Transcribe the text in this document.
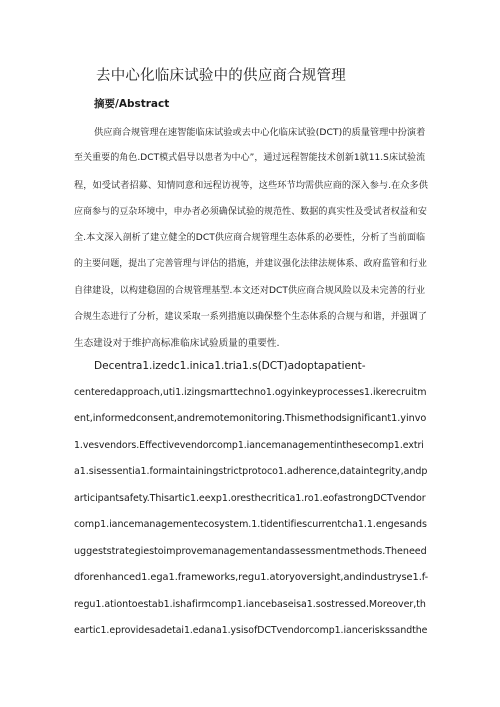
去中心化临床试验中的供应商合规管理
摘要/Abstract
供应商合规管理在速智能临床试验或去中心化临床试验(DCT)的质量管理中扮演着
至关重要的角色.DCT模式倡导以患者为中心”，通过远程智能技术创新1就11.S床试验流
程，如受试者招募、知情同意和远程访视等，这些环节均需供应商的深入参与.在众多供
应商参与的豆杂环境中，申办者必须确保试验的规范性、数据的真实性及受试者权益和安
全.本文深入剖析了建立健全的DCT供应商合规管理生态体系的必要性，分析了当前面临
的主要问题，提出了完善管理与评估的措施，并建议强化法律法规体系、政府监管和行业
自律建设，以构建稳固的合规管理基型.本文还对DCT供应商合规风险以及未完善的行业
合规生态进行了分析，建议采取一系列措施以确保整个生态体系的合规与和谐，并强调了
生态建设对于维护高标准临床试验质量的重要性.
Decentra1.izedc1.inica1.tria1.s(DCT)adoptapatient-
centeredapproach,uti1.izingsmarttechno1.ogyinkeyprocesses1.ikerecruitm
ent,informedconsent,andremotemonitoring.Thismethodsignificant1.yinvo
1.vesvendors.Effectivevendorcomp1.iancemanagementinthesecomp1.extri
a1.sisessentia1.formaintainingstrictprotoco1.adherence,dataintegrity,andp
articipantsafety.Thisartic1.eexp1.oresthecritica1.ro1.eofastrongDCTvendor
comp1.iancemanagementecosystem.1.tidentifiescurrentcha1.1.engesands
uggeststrategiestoimprovemanagementandassessmentmethods.Theneed
dforenhanced1.ega1.frameworks,regu1.atoryoversight,andindustryse1.f-
regu1.ationtoestab1.ishafirmcomp1.iancebaseisa1.sostressed.Moreover,th
eartic1.eprovidesadetai1.edana1.ysisofDCTvendorcomp1.ianceriskssandthe
